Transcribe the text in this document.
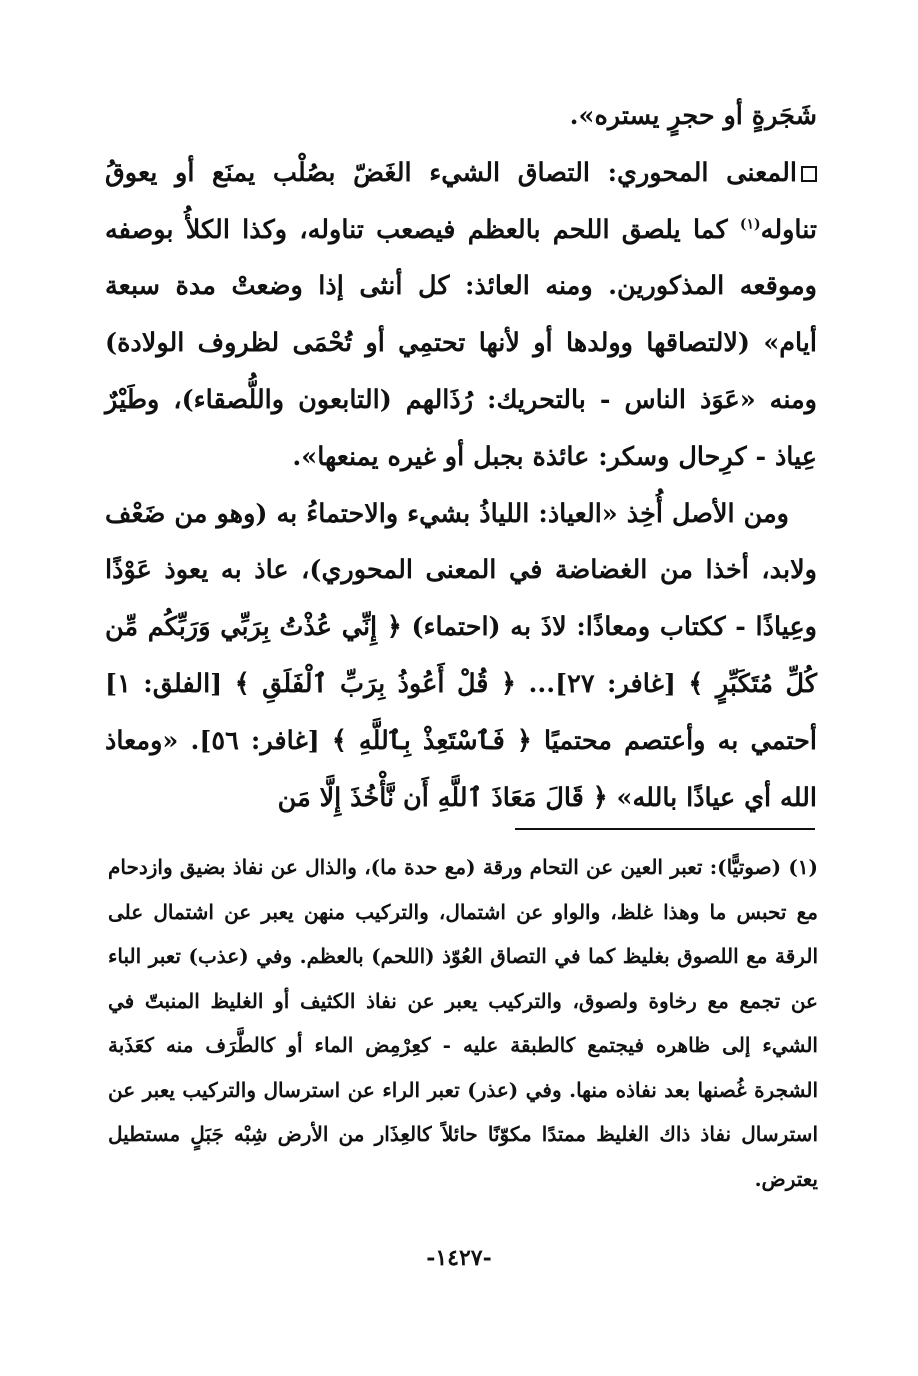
شَجَرةٍ أو حجرٍ يستره».

المعنى المحوري: التصاق الشيء الغَضّ بصُلْب يمنَع أو يعوقُ تناوله$^{(١)}$ كما يلصق اللحم بالعظم فيصعب تناوله، وكذا الكلأُ بوصفه وموقعه المذكورين. ومنه العائذ: كل أنثى إذا وضعتْ مدة سبعة أيام» (لالتصاقها وولدها أو لأنها تحتمِي أو تُحْمَى لظروف الولادة) ومنه «عَوَذ الناس - بالتحريك: رُذَالهم (التابعون واللُّصقاء)، وطَيْرٌ عِياذ - كرِحال وسكر: عائذة بجبل أو غيره يمنعها».

ومن الأصل أُخِذ «العياذ: اللياذُ بشيء والاحتماءُ به (وهو من ضَعْف ولابد، أخذا من الغضاضة في المعنى المحوري)، عاذ به يعوذ عَوْذًا وعِياذًا - ككتاب ومعاذًا: لاذَ به (احتماء) ﴿ إِنِّي عُذْتُ بِرَبِّي وَرَبِّكُم مِّن كُلِّ مُتَكَبِّرٍ ﴾ [غافر: ٢٧]... ﴿ قُلْ أَعُوذُ بِرَبِّ ٱلْفَلَقِ ﴾ [الفلق: ١] أحتمي به وأعتصم محتميًا ﴿ فَٱسْتَعِذْ بِٱللَّهِ ﴾ [غافر: ٥٦]. «ومعاذ الله أي عياذًا بالله» ﴿ قَالَ مَعَاذَ ٱللَّهِ أَن نَّأْخُذَ إِلَّا مَن

(١) (صوتيًّا): تعبر العين عن التحام ورقة (مع حدة ما)، والذال عن نفاذ بضيق وازدحام مع تحبس ما وهذا غلظ، والواو عن اشتمال، والتركيب منهن يعبر عن اشتمال على الرقة مع اللصوق بغليظ كما في التصاق العُوّذ (اللحم) بالعظم. وفي (عذب) تعبر الباء عن تجمع مع رخاوة ولصوق، والتركيب يعبر عن نفاذ الكثيف أو الغليظ المنبتّ في الشيء إلى ظاهره فيجتمع كالطبقة عليه - كعِرْمِض الماء أو كالطَّرَف منه كعَذَبة الشجرة غُصنها بعد نفاذه منها. وفي (عذر) تعبر الراء عن استرسال والتركيب يعبر عن استرسال نفاذ ذاك الغليظ ممتدًا مكوّنًا حائلاً كالعِذَار من الأرض شِبْه جَبَلٍ مستطيل يعترض.

-١٤٢٧-
